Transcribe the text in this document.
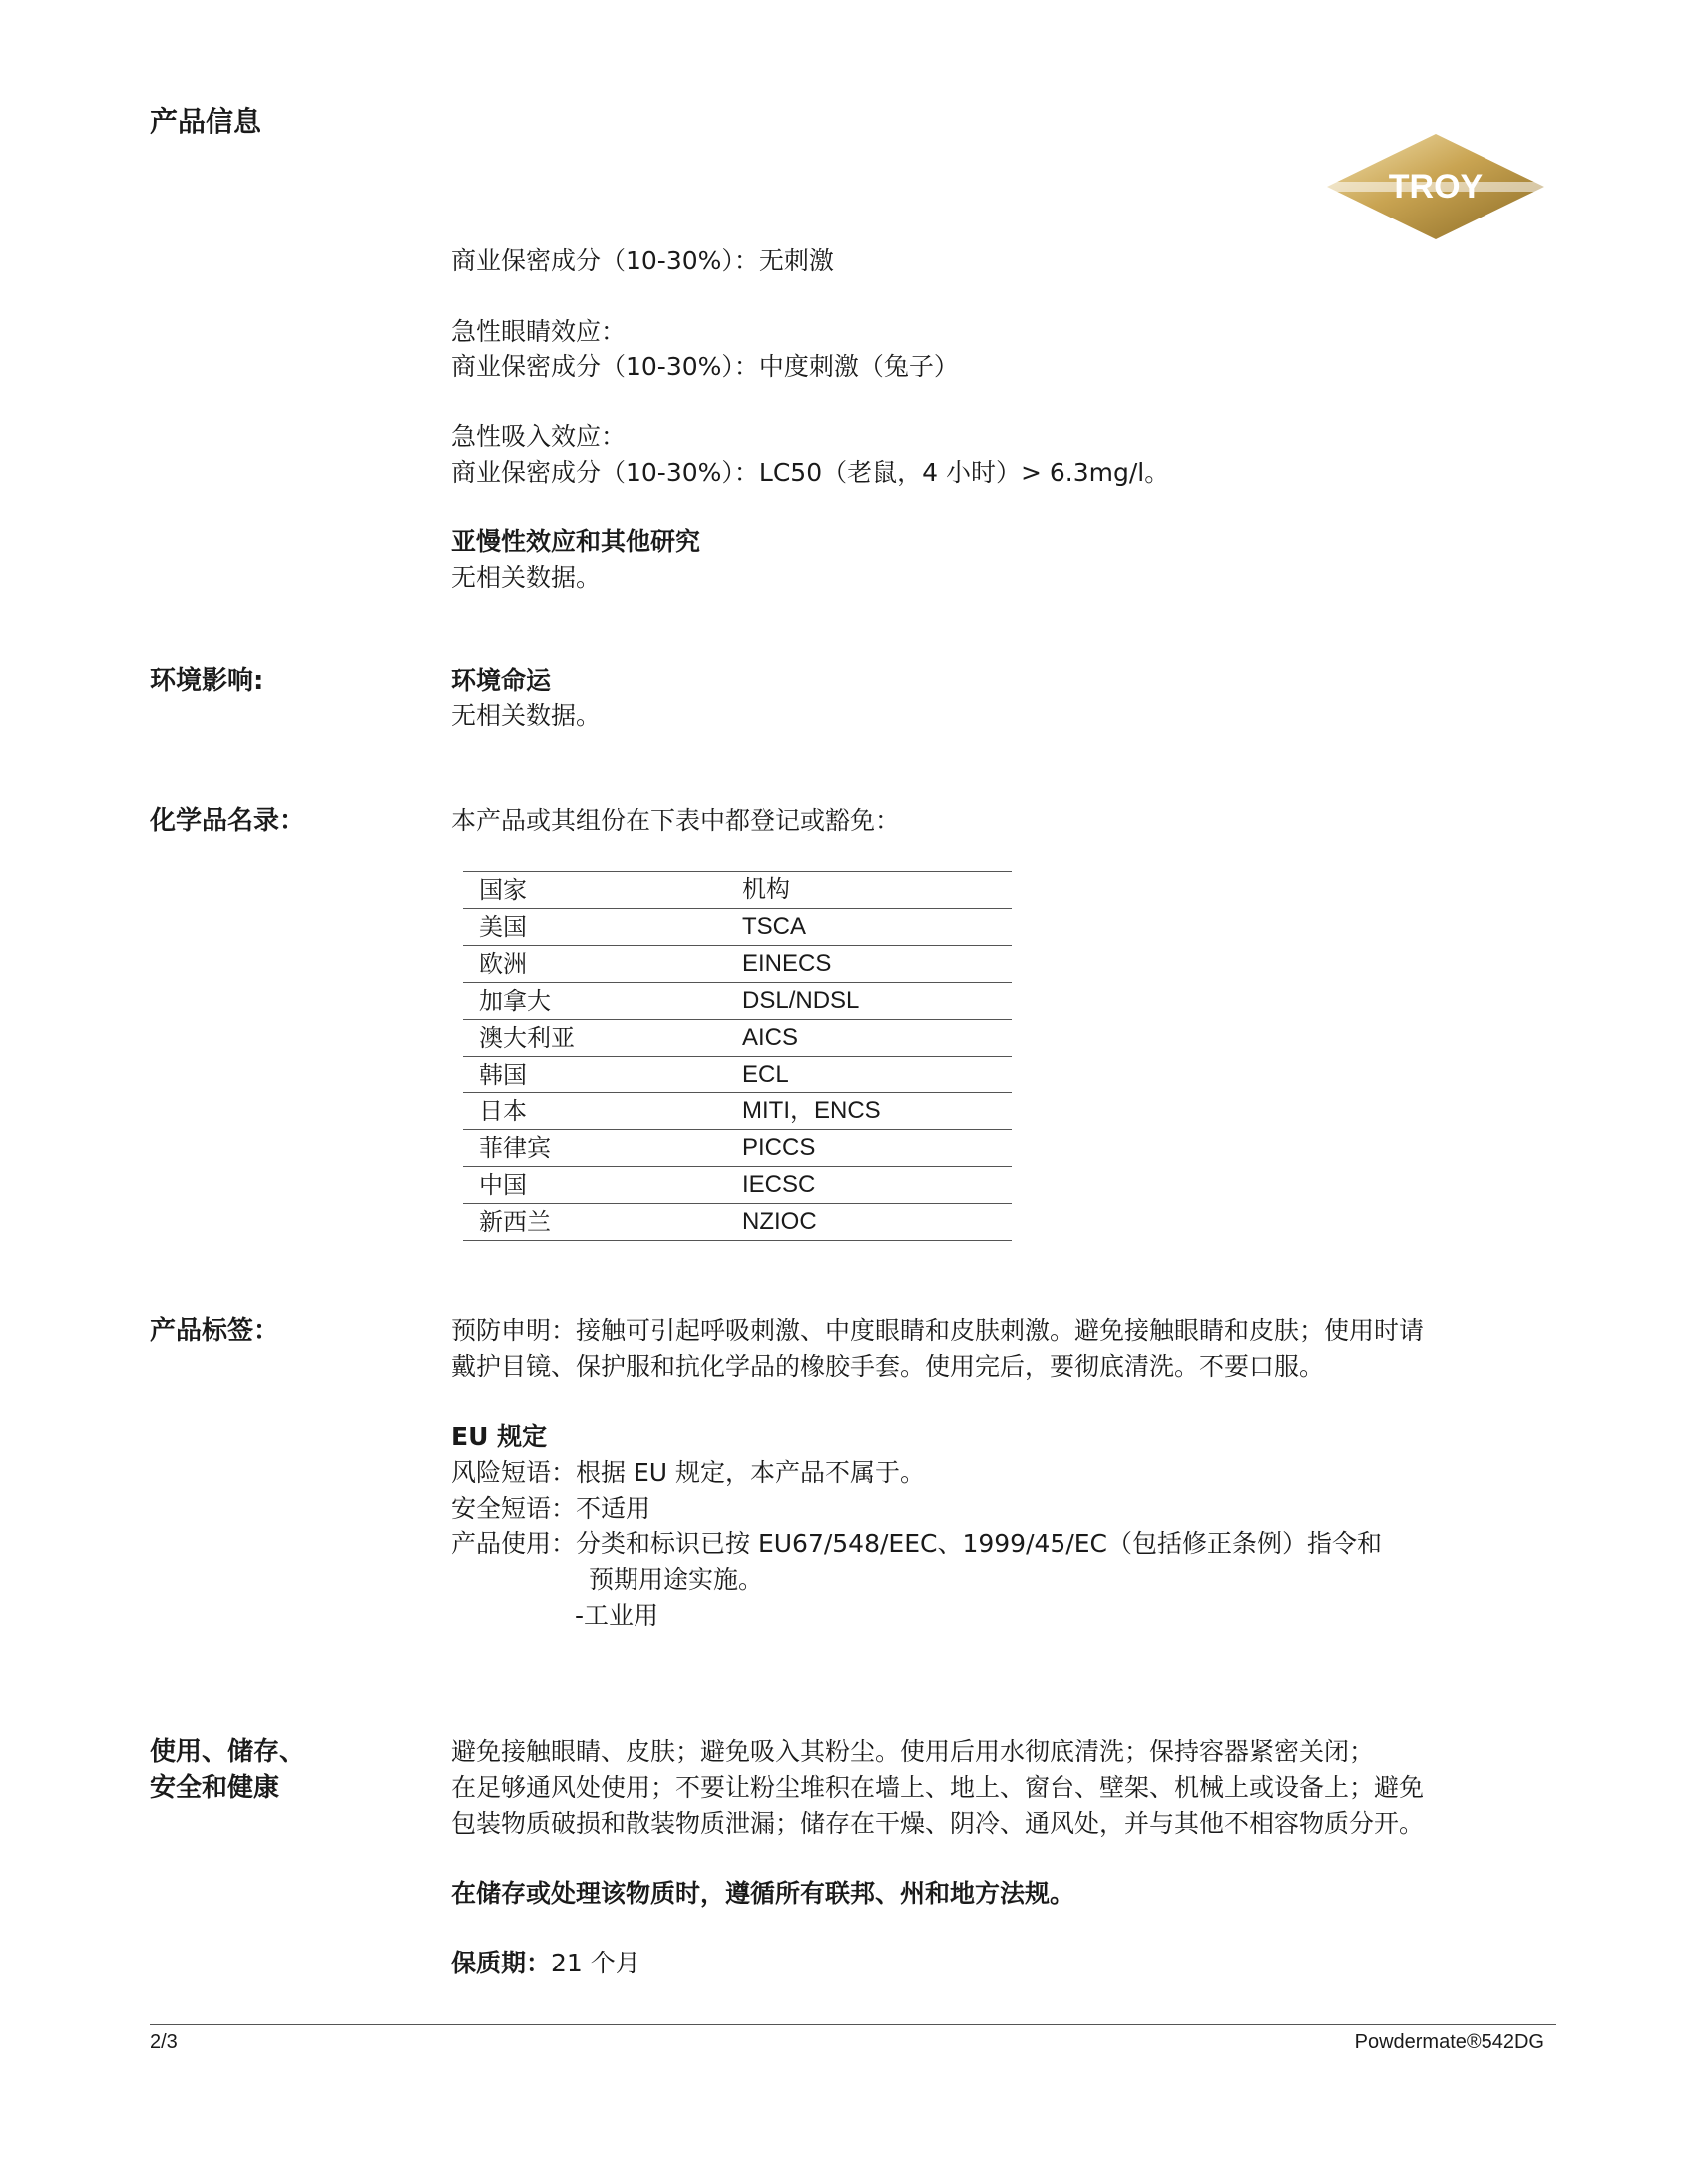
产品信息
TROY
商业保密成分（10-30%）：无刺激
急性眼睛效应：
商业保密成分（10-30%）：中度刺激（兔子）
急性吸入效应：
商业保密成分（10-30%）：LC50（老鼠，4 小时）> 6.3mg/l。
亚慢性效应和其他研究
无相关数据。
环境影响:	环境命运
无相关数据。
化学品名录：	本产品或其组份在下表中都登记或豁免：
国家	机构
美国	TSCA
欧洲	EINECS
加拿大	DSL/NDSL
澳大利亚	AICS
韩国	ECL
日本	MITI，ENCS
菲律宾	PICCS
中国	IECSC
新西兰	NZIOC
产品标签：	预防申明：接触可引起呼吸刺激、中度眼睛和皮肤刺激。避免接触眼睛和皮肤；使用时请
戴护目镜、保护服和抗化学品的橡胶手套。使用完后，要彻底清洗。不要口服。
EU 规定
风险短语：根据 EU 规定，本产品不属于。
安全短语：不适用
产品使用：分类和标识已按 EU67/548/EEC、1999/45/EC（包括修正条例）指令和
预期用途实施。
-工业用
使用、储存、
安全和健康
避免接触眼睛、皮肤；避免吸入其粉尘。使用后用水彻底清洗；保持容器紧密关闭；
在足够通风处使用；不要让粉尘堆积在墙上、地上、窗台、壁架、机械上或设备上；避免
包装物质破损和散装物质泄漏；储存在干燥、阴冷、通风处，并与其他不相容物质分开。
在储存或处理该物质时，遵循所有联邦、州和地方法规。
保质期：21 个月
2/3	Powdermate®542DG
